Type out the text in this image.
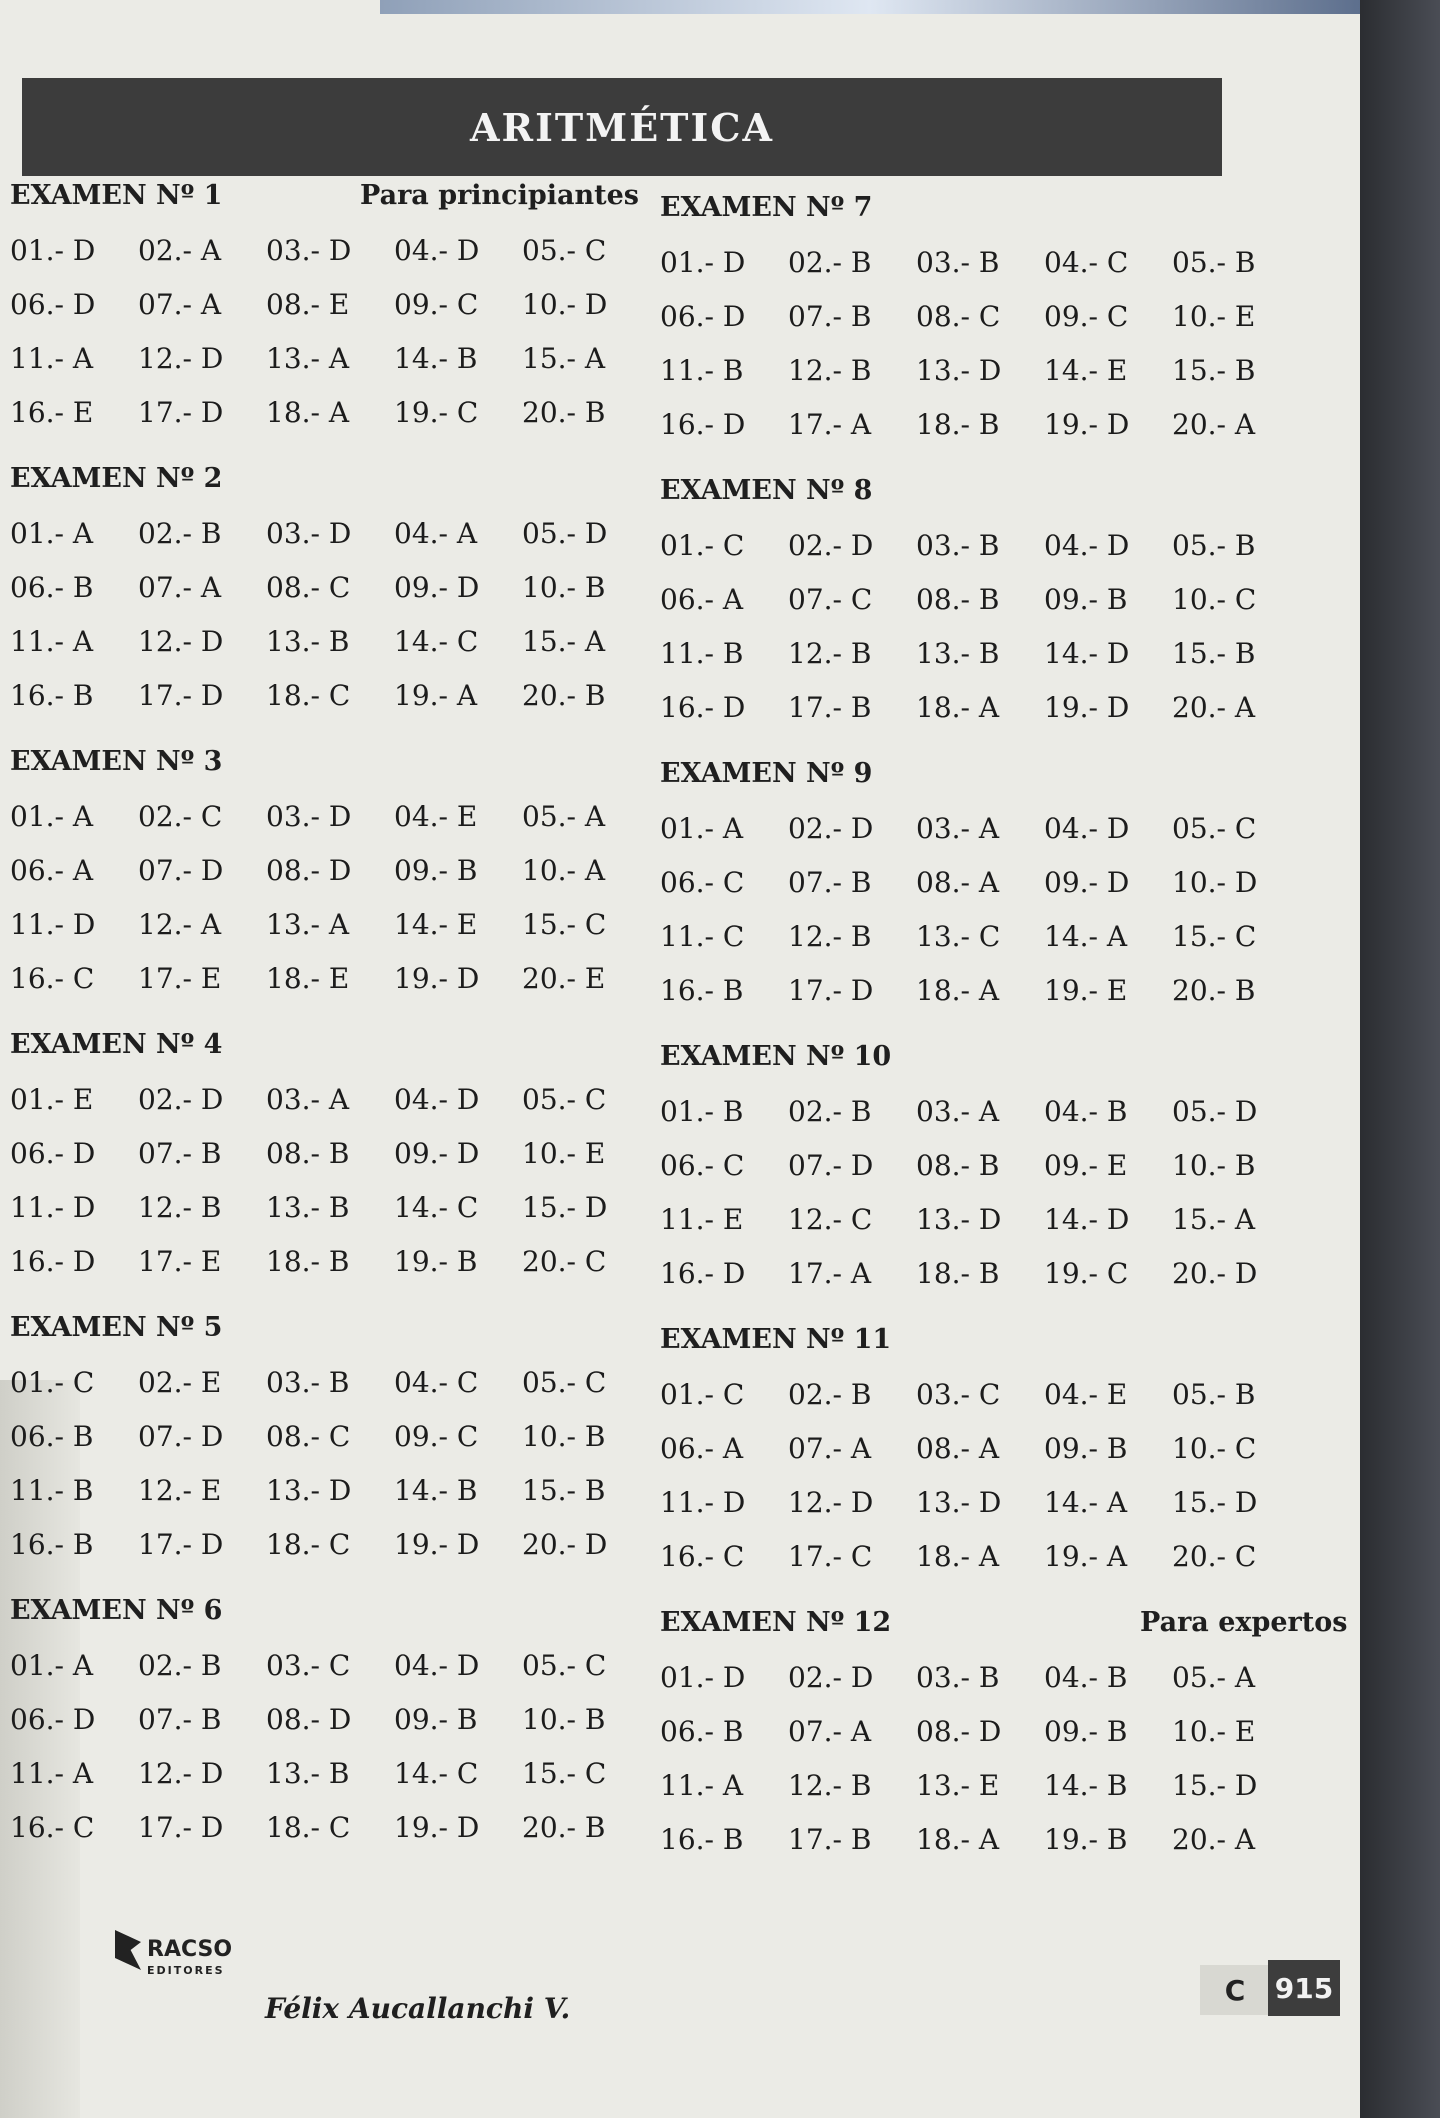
ARITMÉTICA
EXAMEN Nº 1	Para principiantes
01.- D	02.- A	03.- D	04.- D	05.- C
06.- D	07.- A	08.- E	09.- C	10.- D
11.- A	12.- D	13.- A	14.- B	15.- A
16.- E	17.- D	18.- A	19.- C	20.- B
EXAMEN Nº 2
01.- A	02.- B	03.- D	04.- A	05.- D
06.- B	07.- A	08.- C	09.- D	10.- B
11.- A	12.- D	13.- B	14.- C	15.- A
16.- B	17.- D	18.- C	19.- A	20.- B
EXAMEN Nº 3
01.- A	02.- C	03.- D	04.- E	05.- A
06.- A	07.- D	08.- D	09.- B	10.- A
11.- D	12.- A	13.- A	14.- E	15.- C
16.- C	17.- E	18.- E	19.- D	20.- E
EXAMEN Nº 4
01.- E	02.- D	03.- A	04.- D	05.- C
06.- D	07.- B	08.- B	09.- D	10.- E
11.- D	12.- B	13.- B	14.- C	15.- D
16.- D	17.- E	18.- B	19.- B	20.- C
EXAMEN Nº 5
01.- C	02.- E	03.- B	04.- C	05.- C
06.- B	07.- D	08.- C	09.- C	10.- B
11.- B	12.- E	13.- D	14.- B	15.- B
16.- B	17.- D	18.- C	19.- D	20.- D
EXAMEN Nº 6
01.- A	02.- B	03.- C	04.- D	05.- C
06.- D	07.- B	08.- D	09.- B	10.- B
11.- A	12.- D	13.- B	14.- C	15.- C
16.- C	17.- D	18.- C	19.- D	20.- B
EXAMEN Nº 7
01.- D	02.- B	03.- B	04.- C	05.- B
06.- D	07.- B	08.- C	09.- C	10.- E
11.- B	12.- B	13.- D	14.- E	15.- B
16.- D	17.- A	18.- B	19.- D	20.- A
EXAMEN Nº 8
01.- C	02.- D	03.- B	04.- D	05.- B
06.- A	07.- C	08.- B	09.- B	10.- C
11.- B	12.- B	13.- B	14.- D	15.- B
16.- D	17.- B	18.- A	19.- D	20.- A
EXAMEN Nº 9
01.- A	02.- D	03.- A	04.- D	05.- C
06.- C	07.- B	08.- A	09.- D	10.- D
11.- C	12.- B	13.- C	14.- A	15.- C
16.- B	17.- D	18.- A	19.- E	20.- B
EXAMEN Nº 10
01.- B	02.- B	03.- A	04.- B	05.- D
06.- C	07.- D	08.- B	09.- E	10.- B
11.- E	12.- C	13.- D	14.- D	15.- A
16.- D	17.- A	18.- B	19.- C	20.- D
EXAMEN Nº 11
01.- C	02.- B	03.- C	04.- E	05.- B
06.- A	07.- A	08.- A	09.- B	10.- C
11.- D	12.- D	13.- D	14.- A	15.- D
16.- C	17.- C	18.- A	19.- A	20.- C
EXAMEN Nº 12	Para expertos
01.- D	02.- D	03.- B	04.- B	05.- A
06.- B	07.- A	08.- D	09.- B	10.- E
11.- A	12.- B	13.- E	14.- B	15.- D
16.- B	17.- B	18.- A	19.- B	20.- A
RACSO
EDITORES
Félix Aucallanchi V.
C	915
